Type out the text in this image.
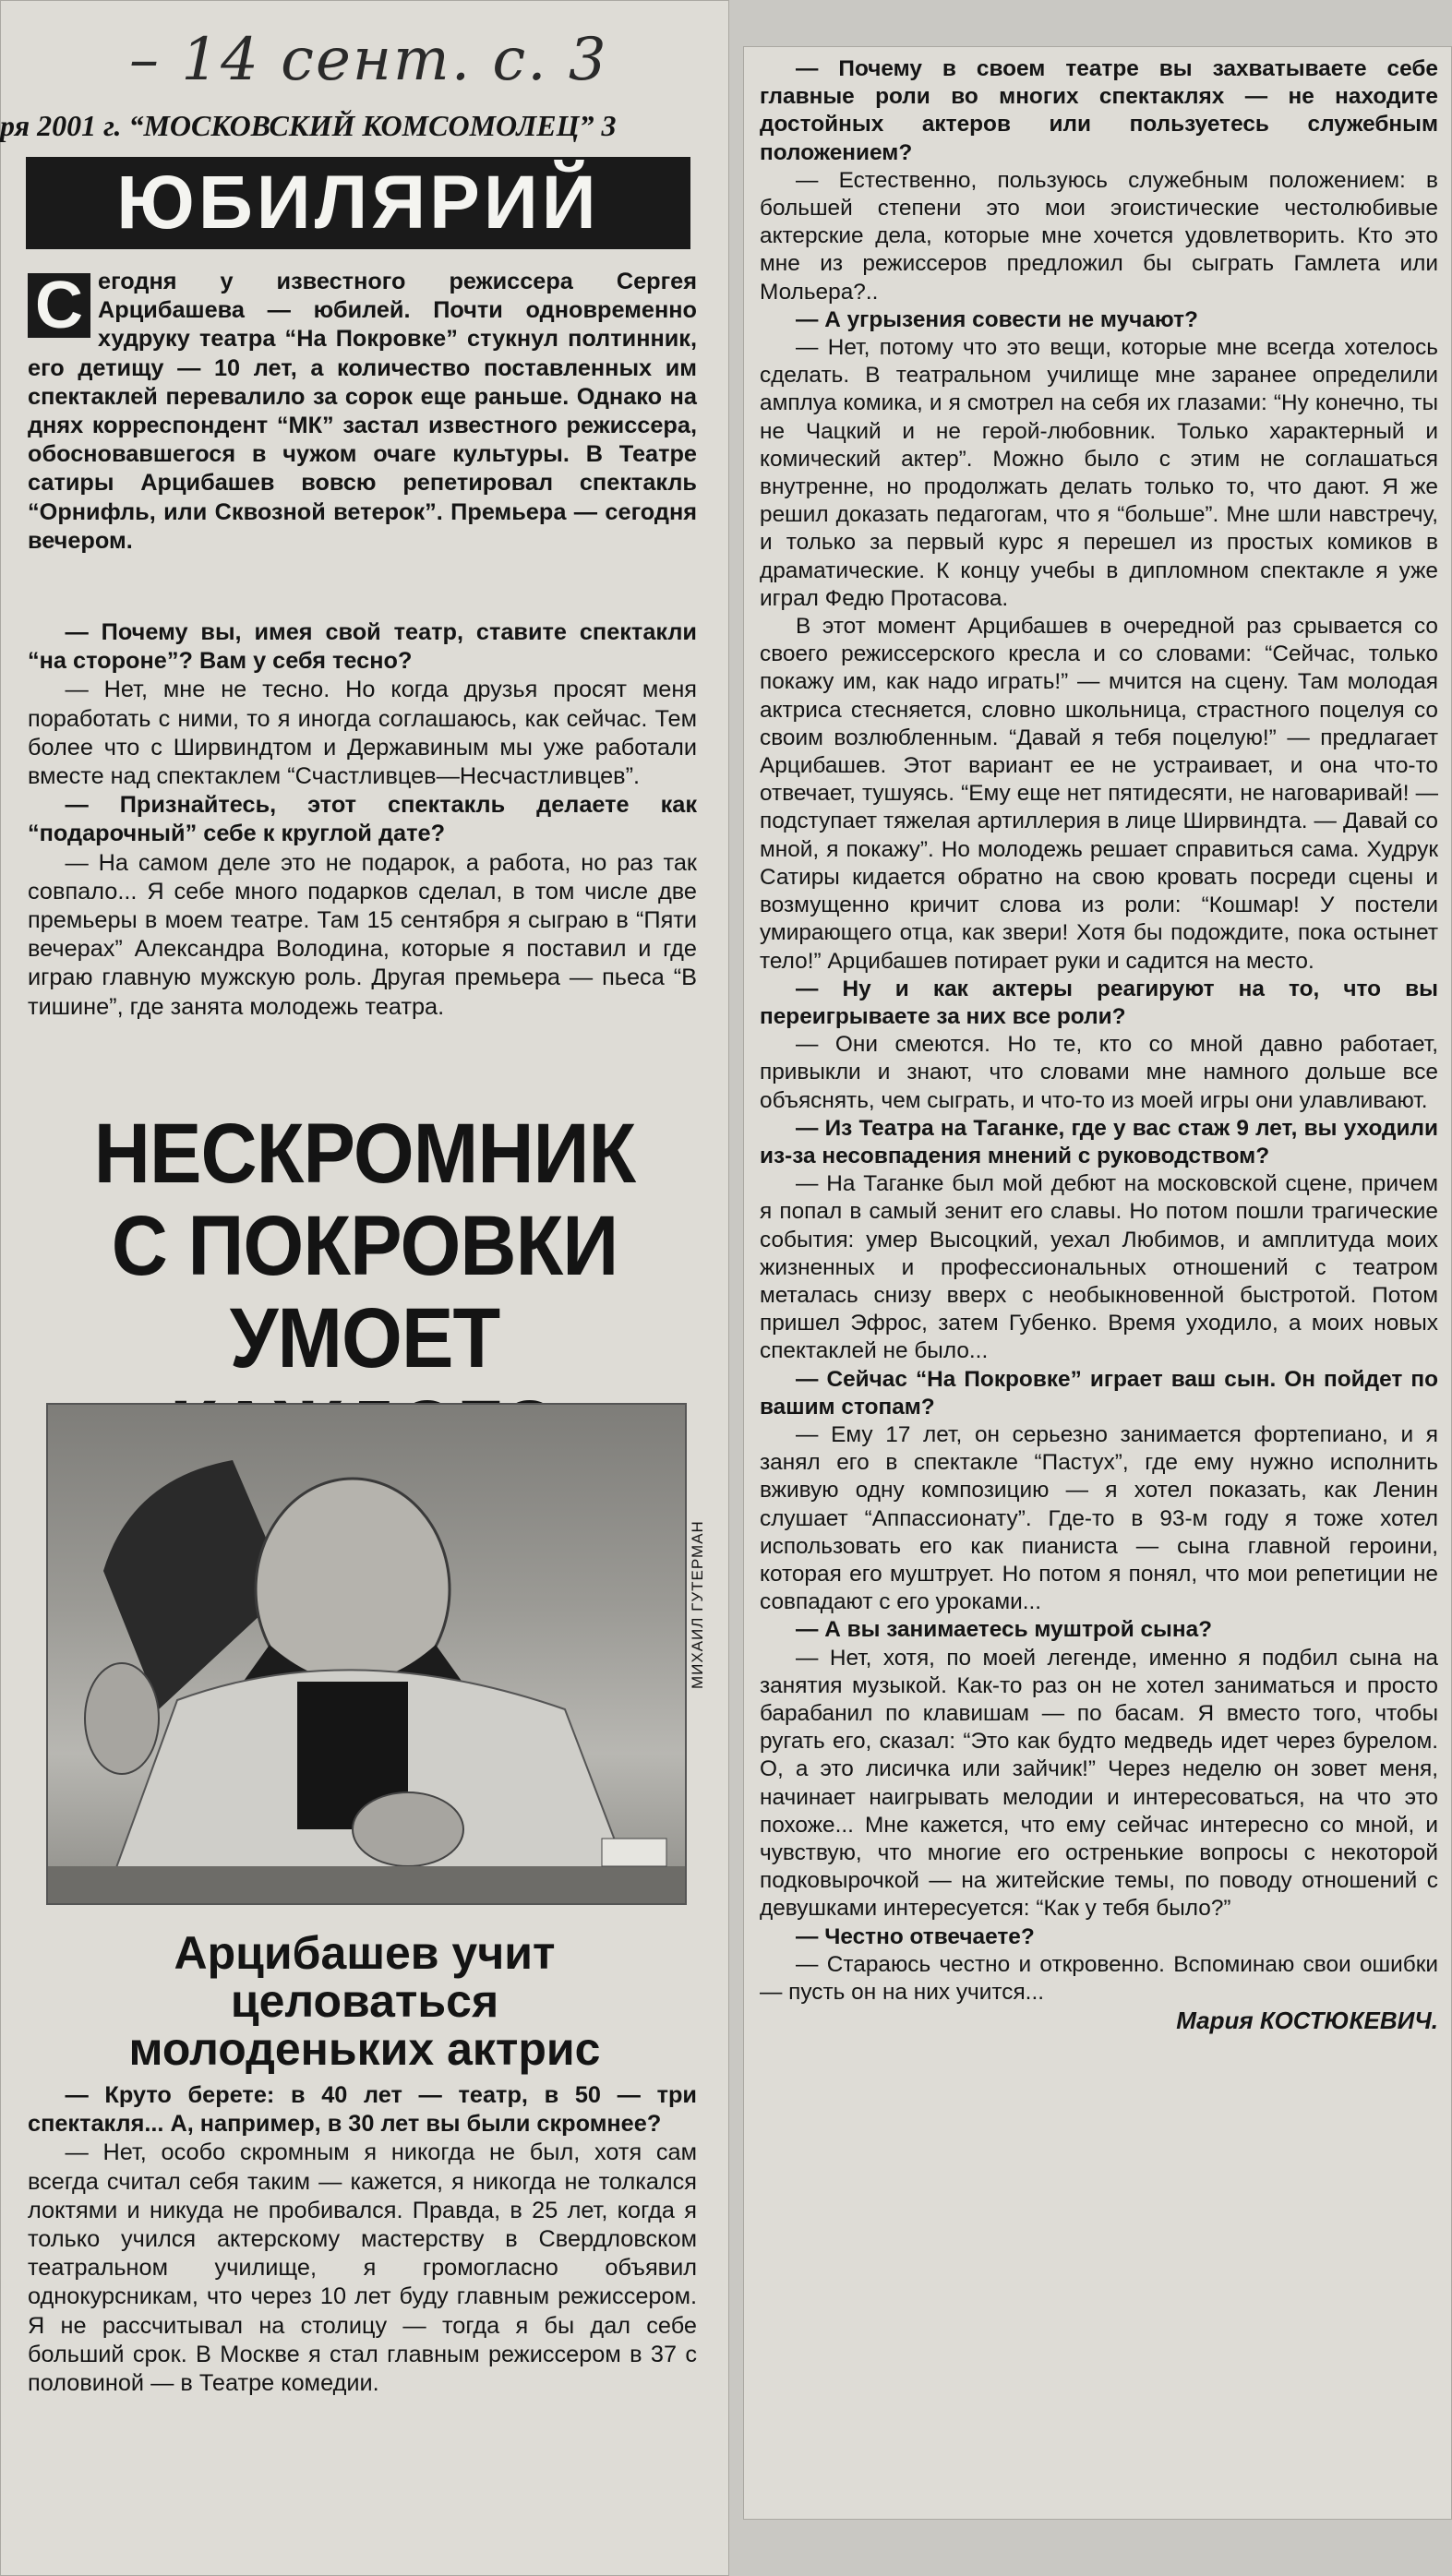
– 14 сент. с. 3
ря 2001 г. “МОСКОВСКИЙ КОМСОМОЛЕЦ” 3
ЮБИЛЯРИЙ

С егодня у известного режиссера Сергея Арцибашева — юбилей. Почти одновременно худруку театра “На Покровке” стукнул полтинник, его детищу — 10 лет, а количество поставленных им спектаклей перевалило за сорок еще раньше. Однако на днях корреспондент “МК” застал известного режиссера, обосновавшегося в чужом очаге культуры. В Театре сатиры Арцибашев вовсю репетировал спектакль “Орнифль, или Сквозной ветерок”. Премьера — сегодня вечером.

— Почему вы, имея свой театр, ставите спектакли “на стороне”? Вам у себя тесно?

— Нет, мне не тесно. Но когда друзья просят меня поработать с ними, то я иногда соглашаюсь, как сейчас. Тем более что с Ширвиндтом и Державиным мы уже работали вместе над спектаклем “Счастливцев—Несчастливцев”.

— Признайтесь, этот спектакль делаете как “подарочный” себе к круглой дате?

— На самом деле это не подарок, а работа, но раз так совпало... Я себе много подарков сделал, в том числе две премьеры в моем театре. Там 15 сентября я сыграю в “Пяти вечерах” Александра Володина, которые я поставил и где играю главную мужскую роль. Другая премьера — пьеса “В тишине”, где занята молодежь театра.

НЕСКРОМНИК
С ПОКРОВКИ
УМОЕТ
МИХАИЛ ГУТЕРМАН
Арцибашев учит
целоваться
молоденьких актрис

— Круто берете: в 40 лет — театр, в 50 — три спектакля... А, например, в 30 лет вы были скромнее?

— Нет, особо скромным я никогда не был, хотя сам всегда считал себя таким — кажется, я никогда не толкался локтями и никуда не пробивался. Правда, в 25 лет, когда я только учился актерскому мастерству в Свердловском театральном училище, я громогласно объявил однокурсникам, что через 10 лет буду главным режиссером. Я не рассчитывал на столицу — тогда я бы дал себе больший срок. В Москве я стал главным режиссером в 37 с половиной — в Театре комедии.

— Почему в своем театре вы захватываете себе главные роли во многих спектаклях — не находите достойных актеров или пользуетесь служебным положением?

— Естественно, пользуюсь служебным положением: в большей степени это мои эгоистические честолюбивые актерские дела, которые мне хочется удовлетворить. Кто это мне из режиссеров предложил бы сыграть Гамлета или Мольера?..

— А угрызения совести не мучают?

— Нет, потому что это вещи, которые мне всегда хотелось сделать. В театральном училище мне заранее определили амплуа комика, и я смотрел на себя их глазами: “Ну конечно, ты не Чацкий и не герой-любовник. Только характерный и комический актер”. Можно было с этим не соглашаться внутренне, но продолжать делать только то, что дают. Я же решил доказать педагогам, что я “больше”. Мне шли навстречу, и только за первый курс я перешел из простых комиков в драматические. К концу учебы в дипломном спектакле я уже играл Федю Протасова.

В этот момент Арцибашев в очередной раз срывается со своего режиссерского кресла и со словами: “Сейчас, только покажу им, как надо играть!” — мчится на сцену. Там молодая актриса стесняется, словно школьница, страстного поцелуя со своим возлюбленным. “Давай я тебя поцелую!” — предлагает Арцибашев. Этот вариант ее не устраивает, и она что-то отвечает, тушуясь. “Ему еще нет пятидесяти, не наговаривай! — подступает тяжелая артиллерия в лице Ширвиндта. — Давай со мной, я покажу”. Но молодежь решает справиться сама. Худрук Сатиры кидается обратно на свою кровать посреди сцены и возмущенно кричит слова из роли: “Кошмар! У постели умирающего отца, как звери! Хотя бы подождите, пока остынет тело!” Арцибашев потирает руки и садится на место.

— Ну и как актеры реагируют на то, что вы переигрываете за них все роли?

— Они смеются. Но те, кто со мной давно работает, привыкли и знают, что словами мне намного дольше все объяснять, чем сыграть, и что-то из моей игры они улавливают.

— Из Театра на Таганке, где у вас стаж 9 лет, вы уходили из-за несовпадения мнений с руководством?

— На Таганке был мой дебют на московской сцене, причем я попал в самый зенит его славы. Но потом пошли трагические события: умер Высоцкий, уехал Любимов, и амплитуда моих жизненных и профессиональных отношений с театром металась снизу вверх с необыкновенной быстротой. Потом пришел Эфрос, затем Губенко. Время уходило, а моих новых спектаклей не было...

— Сейчас “На Покровке” играет ваш сын. Он пойдет по вашим стопам?

— Ему 17 лет, он серьезно занимается фортепиано, и я занял его в спектакле “Пастух”, где ему нужно исполнить вживую одну композицию — я хотел показать, как Ленин слушает “Аппассионату”. Где-то в 93-м году я тоже хотел использовать его как пианиста — сына главной героини, которая его муштрует. Но потом я понял, что мои репетиции не совпадают с его уроками...

— А вы занимаетесь муштрой сына?

— Нет, хотя, по моей легенде, именно я подбил сына на занятия музыкой. Как-то раз он не хотел заниматься и просто барабанил по клавишам — по басам. Я вместо того, чтобы ругать его, сказал: “Это как будто медведь идет через бурелом. О, а это лисичка или зайчик!” Через неделю он зовет меня, начинает наигрывать мелодии и интересоваться, на что это похоже... Мне кажется, что ему сейчас интересно со мной, и чувствую, что многие его остренькие вопросы с некоторой подковырочкой — на житейские темы, по поводу отношений с девушками интересуется: “Как у тебя было?”

— Честно отвечаете?

— Стараюсь честно и откровенно. Вспоминаю свои ошибки — пусть он на них учится...

Мария КОСТЮКЕВИЧ.
